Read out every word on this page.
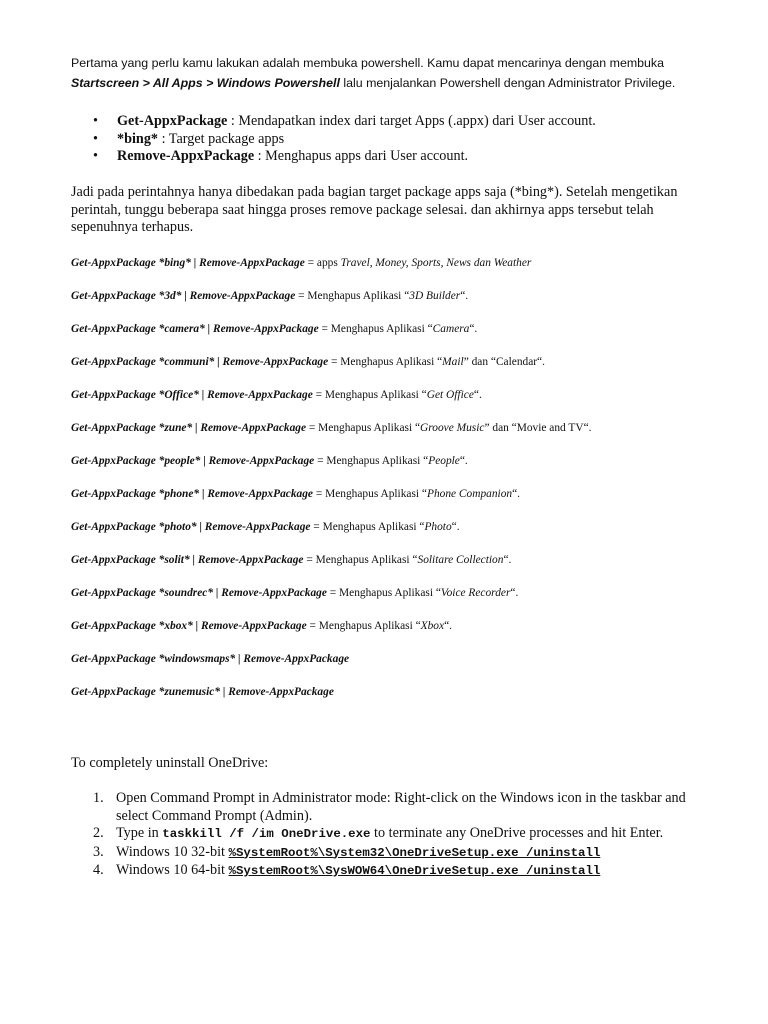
Pertama yang perlu kamu lakukan adalah membuka powershell. Kamu dapat mencarinya dengan membuka Startscreen > All Apps > Windows Powershell lalu menjalankan Powershell dengan Administrator Privilege.

• Get-AppxPackage : Mendapatkan index dari target Apps (.appx) dari User account.
• *bing* : Target package apps
• Remove-AppxPackage : Menghapus apps dari User account.

Jadi pada perintahnya hanya dibedakan pada bagian target package apps saja (*bing*). Setelah mengetikan perintah, tunggu beberapa saat hingga proses remove package selesai. dan akhirnya apps tersebut telah sepenuhnya terhapus.

Get-AppxPackage *bing* | Remove-AppxPackage = apps Travel, Money, Sports, News dan Weather
Get-AppxPackage *3d* | Remove-AppxPackage = Menghapus Aplikasi “3D Builder“.
Get-AppxPackage *camera* | Remove-AppxPackage = Menghapus Aplikasi “Camera“.
Get-AppxPackage *communi* | Remove-AppxPackage = Menghapus Aplikasi “Mail” dan “Calendar“.
Get-AppxPackage *Office* | Remove-AppxPackage = Menghapus Aplikasi “Get Office“.
Get-AppxPackage *zune* | Remove-AppxPackage = Menghapus Aplikasi “Groove Music” dan “Movie and TV“.
Get-AppxPackage *people* | Remove-AppxPackage = Menghapus Aplikasi “People“.
Get-AppxPackage *phone* | Remove-AppxPackage = Menghapus Aplikasi “Phone Companion“.
Get-AppxPackage *photo* | Remove-AppxPackage = Menghapus Aplikasi “Photo“.
Get-AppxPackage *solit* | Remove-AppxPackage = Menghapus Aplikasi “Solitare Collection“.
Get-AppxPackage *soundrec* | Remove-AppxPackage = Menghapus Aplikasi “Voice Recorder“.
Get-AppxPackage *xbox* | Remove-AppxPackage = Menghapus Aplikasi “Xbox“.
Get-AppxPackage *windowsmaps* | Remove-AppxPackage
Get-AppxPackage *zunemusic* | Remove-AppxPackage

To completely uninstall OneDrive:

1. Open Command Prompt in Administrator mode: Right-click on the Windows icon in the taskbar and select Command Prompt (Admin).
2. Type in taskkill /f /im OneDrive.exe to terminate any OneDrive processes and hit Enter.
3. Windows 10 32-bit %SystemRoot%\System32\OneDriveSetup.exe /uninstall
4. Windows 10 64-bit %SystemRoot%\SysWOW64\OneDriveSetup.exe /uninstall
